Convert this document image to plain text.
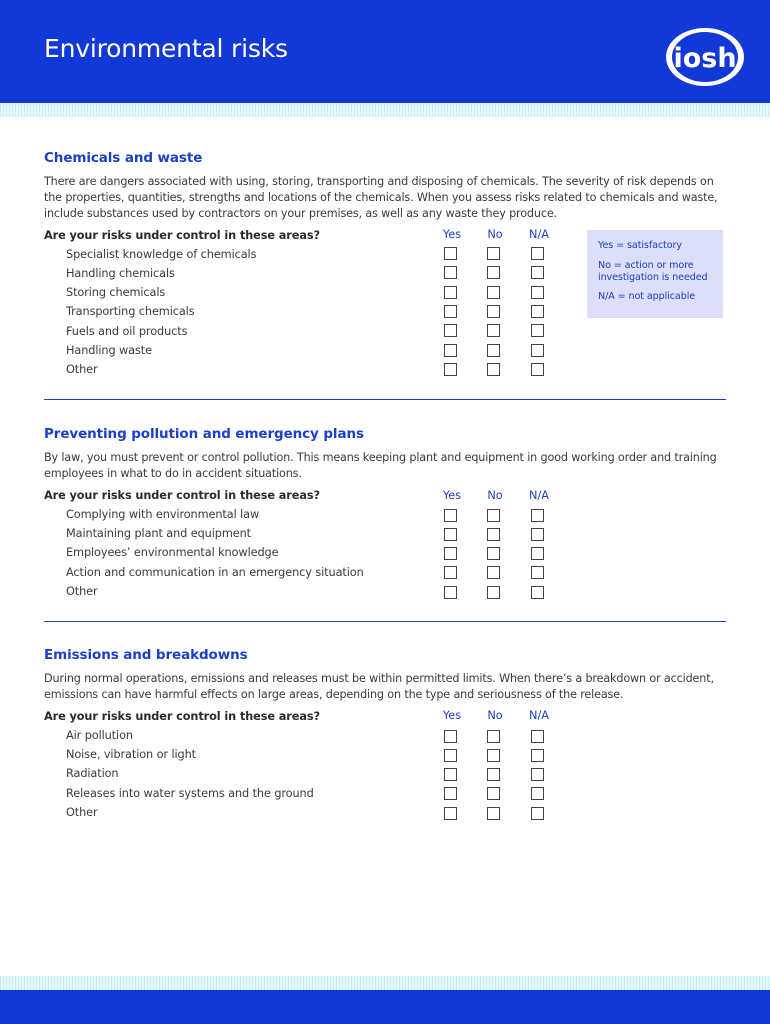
Environmental risks	iosh
Chemicals and waste
There are dangers associated with using, storing, transporting and disposing of chemicals. The severity of risk depends on the properties, quantities, strengths and locations of the chemicals. When you assess risks related to chemicals and waste, include substances used by contractors on your premises, as well as any waste they produce.
Are your risks under control in these areas?	Yes	No	N/A
Specialist knowledge of chemicals
Handling chemicals
Storing chemicals
Transporting chemicals
Fuels and oil products
Handling waste
Other
Yes = satisfactory
No = action or more
investigation is needed
N/A = not applicable
Preventing pollution and emergency plans
By law, you must prevent or control pollution. This means keeping plant and equipment in good working order and training employees in what to do in accident situations.
Are your risks under control in these areas?	Yes	No	N/A
Complying with environmental law
Maintaining plant and equipment
Employees’ environmental knowledge
Action and communication in an emergency situation
Other
Emissions and breakdowns
During normal operations, emissions and releases must be within permitted limits. When there’s a breakdown or accident, emissions can have harmful effects on large areas, depending on the type and seriousness of the release.
Are your risks under control in these areas?	Yes	No	N/A
Air pollution
Noise, vibration or light
Radiation
Releases into water systems and the ground
Other
